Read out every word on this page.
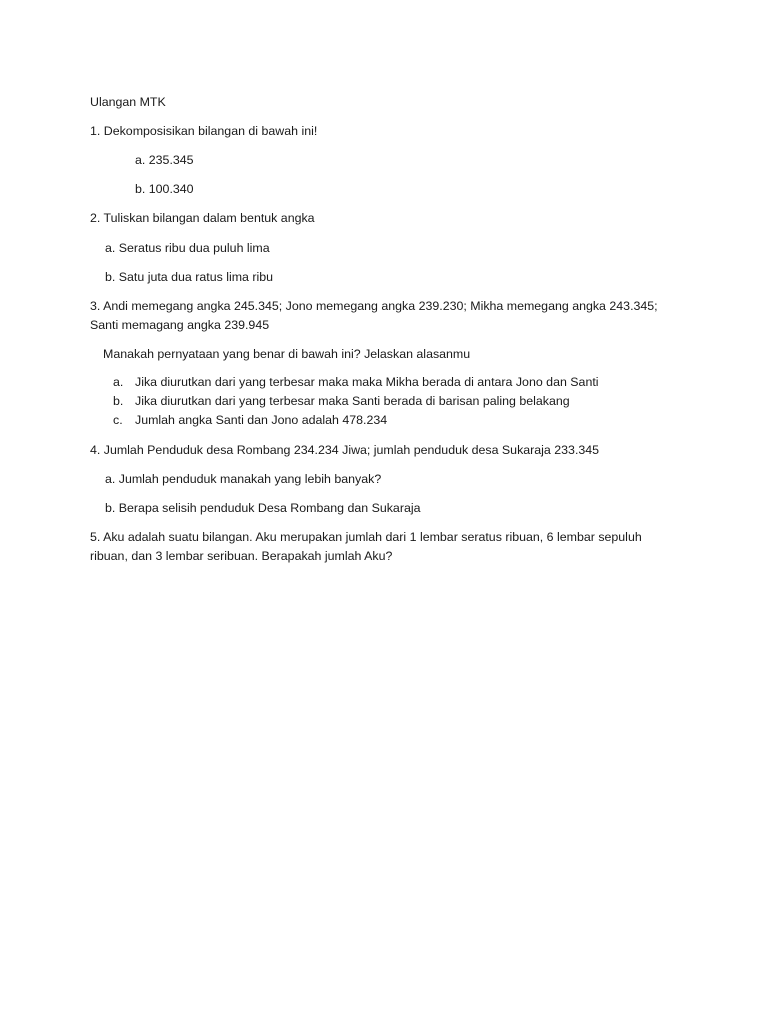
Ulangan MTK
1. Dekomposisikan bilangan di bawah ini!
a. 235.345
b. 100.340
2. Tuliskan bilangan dalam bentuk angka
a. Seratus ribu dua puluh lima
b. Satu juta dua ratus lima ribu
3. Andi memegang angka 245.345; Jono memegang angka 239.230; Mikha memegang angka 243.345;
Santi memagang angka 239.945
Manakah pernyataan yang benar di bawah ini? Jelaskan alasanmu
a. Jika diurutkan dari yang terbesar maka maka Mikha berada di antara Jono dan Santi
b. Jika diurutkan dari yang terbesar maka Santi berada di barisan paling belakang
c. Jumlah angka Santi dan Jono adalah 478.234
4. Jumlah Penduduk desa Rombang 234.234 Jiwa; jumlah penduduk desa Sukaraja 233.345
a. Jumlah penduduk manakah yang lebih banyak?
b. Berapa selisih penduduk Desa Rombang dan Sukaraja
5. Aku adalah suatu bilangan. Aku merupakan jumlah dari 1 lembar seratus ribuan, 6 lembar sepuluh
ribuan, dan 3 lembar seribuan. Berapakah jumlah Aku?
